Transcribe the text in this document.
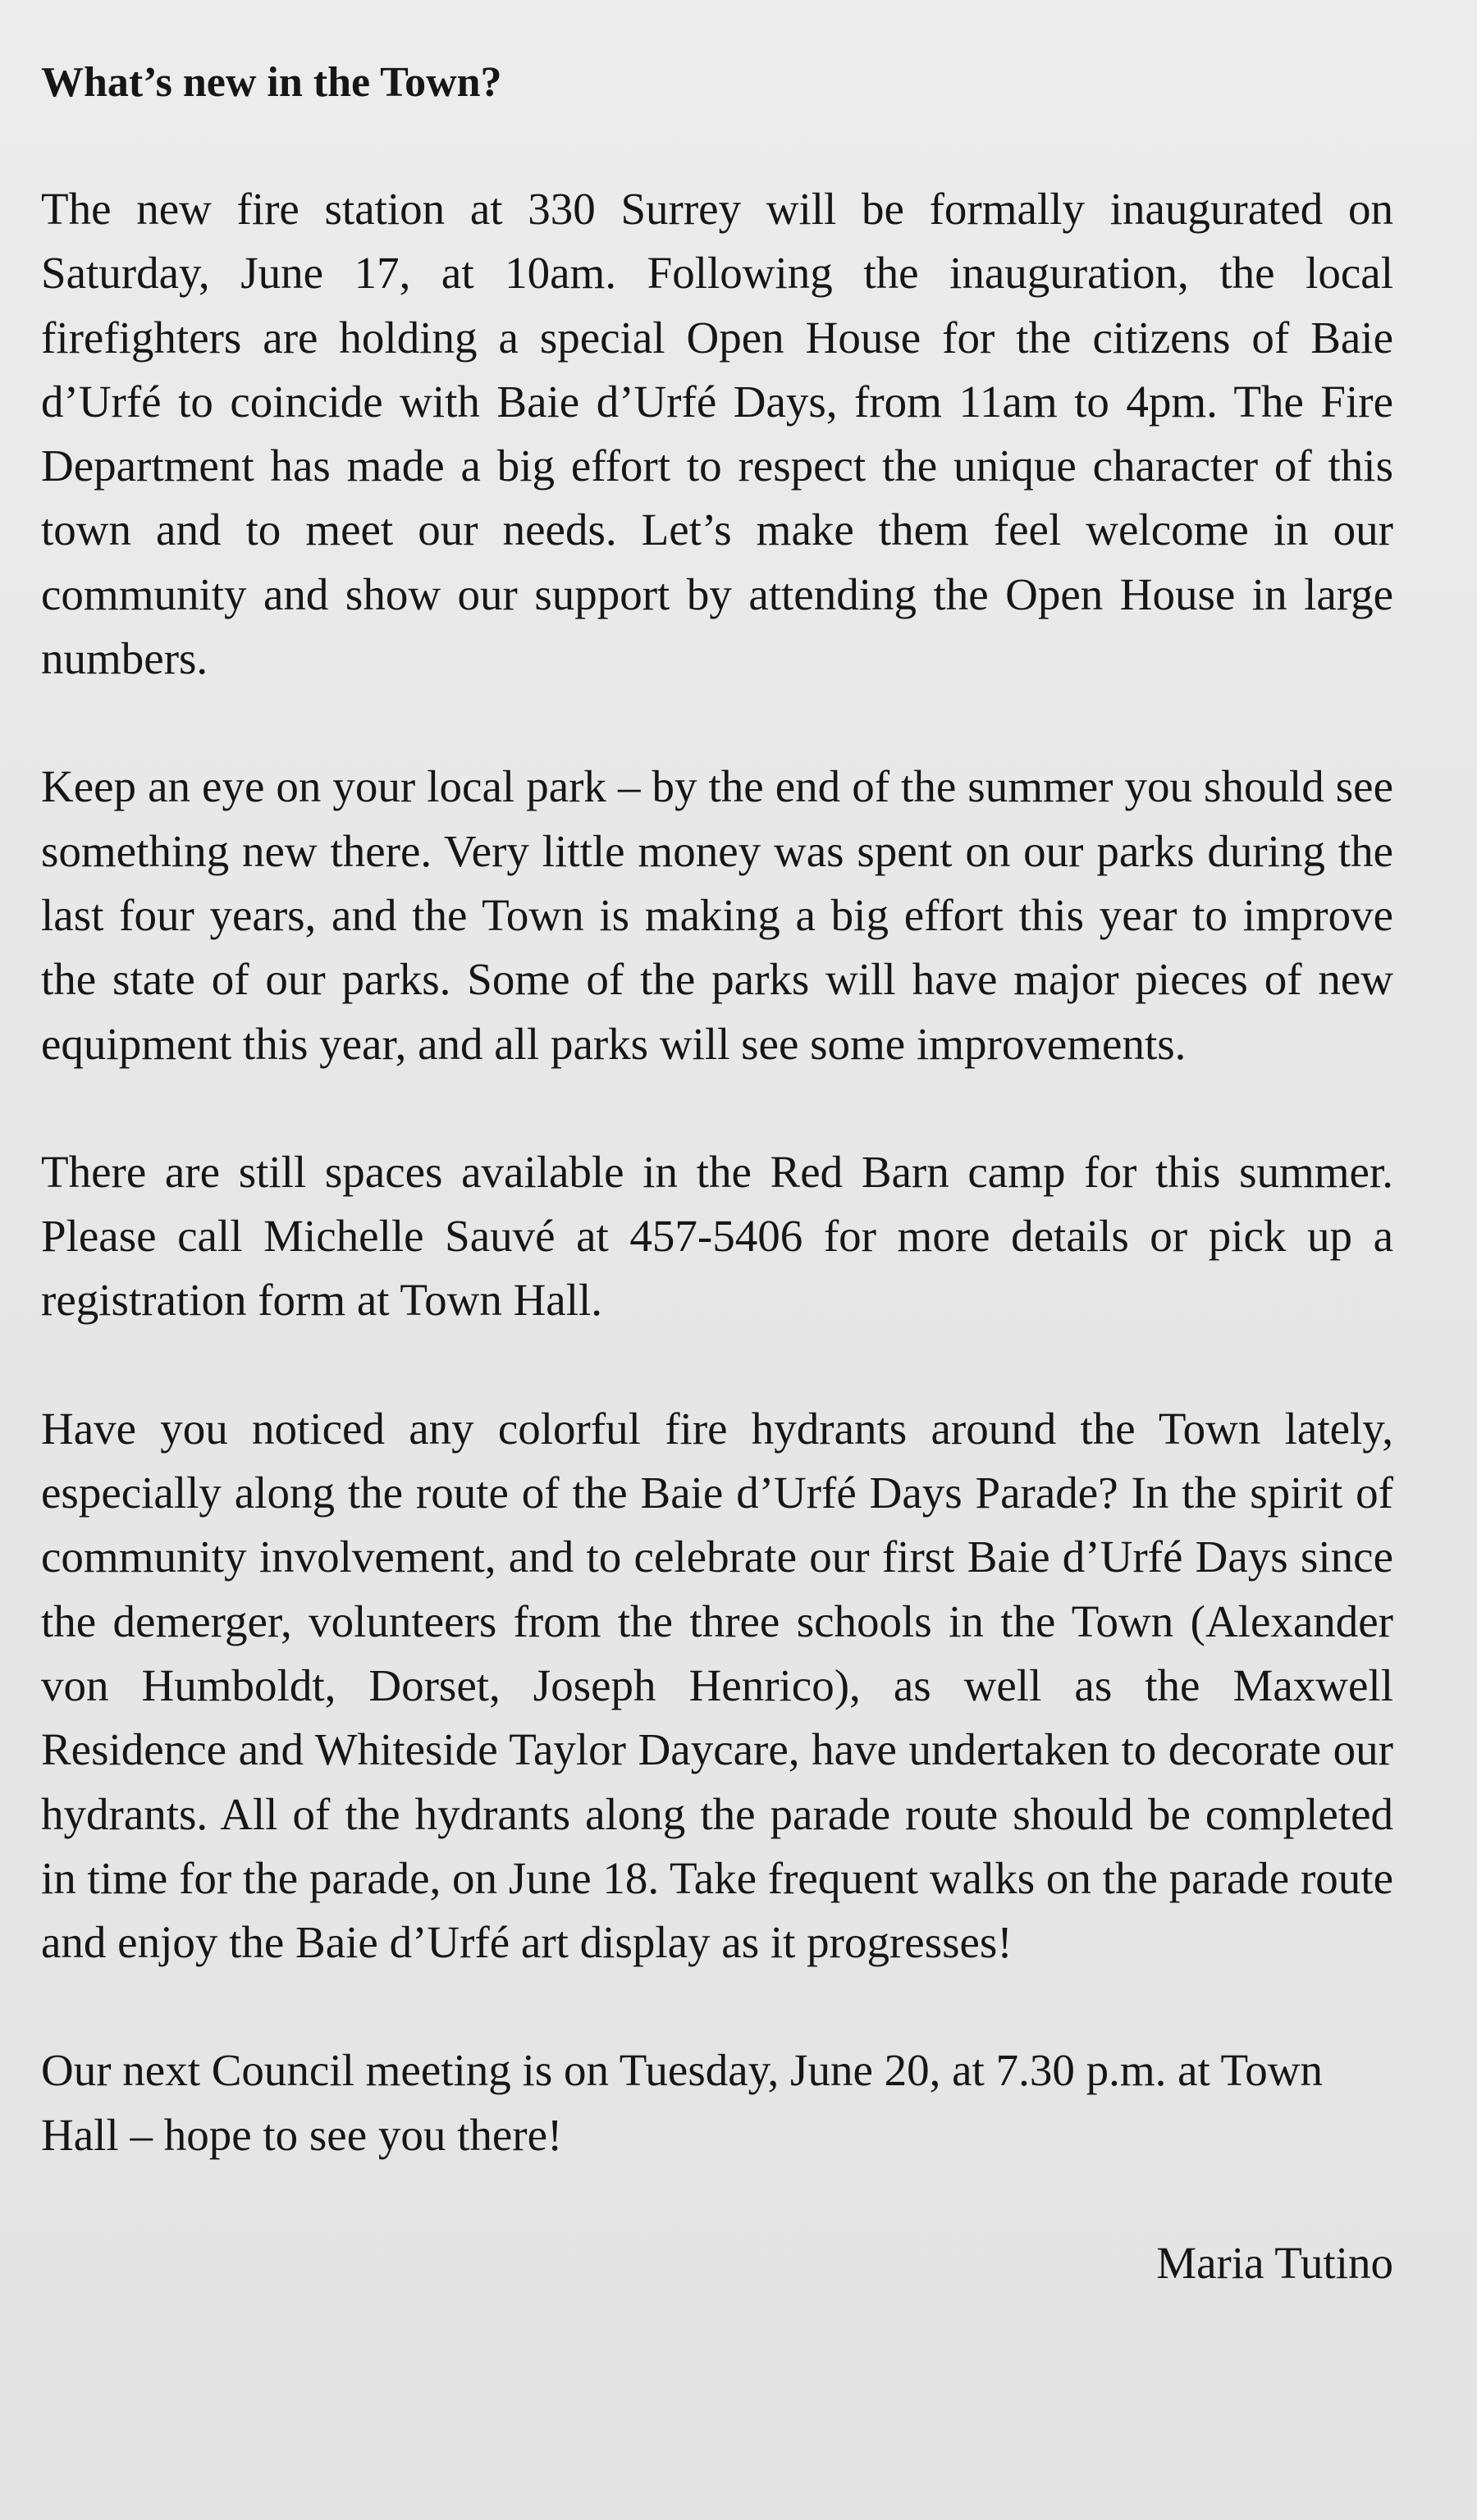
What’s new in the Town?

The new fire station at 330 Surrey will be formally inaugurated on Saturday, June 17, at 10am. Following the inauguration, the local firefighters are holding a special Open House for the citizens of Baie d’Urfé to coincide with Baie d’Urfé Days, from 11am to 4pm. The Fire Department has made a big effort to respect the unique character of this town and to meet our needs. Let’s make them feel welcome in our community and show our support by attending the Open House in large numbers.

Keep an eye on your local park – by the end of the summer you should see something new there. Very little money was spent on our parks during the last four years, and the Town is making a big effort this year to improve the state of our parks. Some of the parks will have major pieces of new equipment this year, and all parks will see some improvements.

There are still spaces available in the Red Barn camp for this summer. Please call Michelle Sauvé at 457-5406 for more details or pick up a registration form at Town Hall.

Have you noticed any colorful fire hydrants around the Town lately, especially along the route of the Baie d’Urfé Days Parade? In the spirit of community involvement, and to celebrate our first Baie d’Urfé Days since the demerger, volunteers from the three schools in the Town (Alexander von Humboldt, Dorset, Joseph Henrico), as well as the Maxwell Residence and Whiteside Taylor Daycare, have undertaken to decorate our hydrants. All of the hydrants along the parade route should be completed in time for the parade, on June 18. Take frequent walks on the parade route and enjoy the Baie d’Urfé art display as it progresses!

Our next Council meeting is on Tuesday, June 20, at 7.30 p.m. at Town Hall – hope to see you there!

Maria Tutino
